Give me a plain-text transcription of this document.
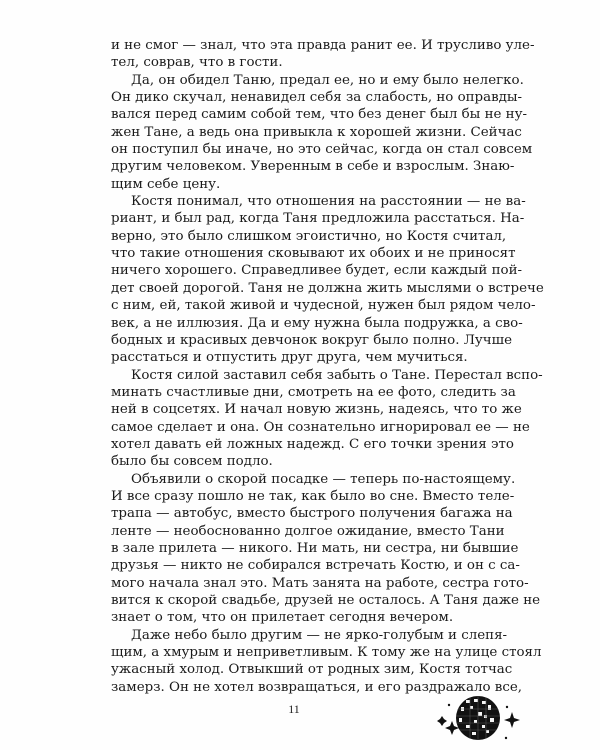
и не смог — знал, что эта правда ранит ее. И трусливо уле-
тел, соврав, что в гости.
Да, он обидел Таню, предал ее, но и ему было нелегко.
Он дико скучал, ненавидел себя за слабость, но оправды-
вался перед самим собой тем, что без денег был бы не ну-
жен Тане, а ведь она привыкла к хорошей жизни. Сейчас
он поступил бы иначе, но это сейчас, когда он стал совсем
другим человеком. Уверенным в себе и взрослым. Знаю-
щим себе цену.
Костя понимал, что отношения на расстоянии — не ва-
риант, и был рад, когда Таня предложила расстаться. На-
верно, это было слишком эгоистично, но Костя считал,
что такие отношения сковывают их обоих и не приносят
ничего хорошего. Справедливее будет, если каждый пой-
дет своей дорогой. Таня не должна жить мыслями о встрече
с ним, ей, такой живой и чудесной, нужен был рядом чело-
век, а не иллюзия. Да и ему нужна была подружка, а сво-
бодных и красивых девчонок вокруг было полно. Лучше
расстаться и отпустить друг друга, чем мучиться.
Костя силой заставил себя забыть о Тане. Перестал вспо-
минать счастливые дни, смотреть на ее фото, следить за
ней в соцсетях. И начал новую жизнь, надеясь, что то же
самое сделает и она. Он сознательно игнорировал ее — не
хотел давать ей ложных надежд. С его точки зрения это
было бы совсем подло.
Объявили о скорой посадке — теперь по-настоящему.
И все сразу пошло не так, как было во сне. Вместо теле-
трапа — автобус, вместо быстрого получения багажа на
ленте — необоснованно долгое ожидание, вместо Тани
в зале прилета — никого. Ни мать, ни сестра, ни бывшие
друзья — никто не собирался встречать Костю, и он с са-
мого начала знал это. Мать занята на работе, сестра гото-
вится к скорой свадьбе, друзей не осталось. А Таня даже не
знает о том, что он прилетает сегодня вечером.
Даже небо было другим — не ярко-голубым и слепя-
щим, а хмурым и неприветливым. К тому же на улице стоял
ужасный холод. Отвыкший от родных зим, Костя тотчас
замерз. Он не хотел возвращаться, и его раздражало все,
11
